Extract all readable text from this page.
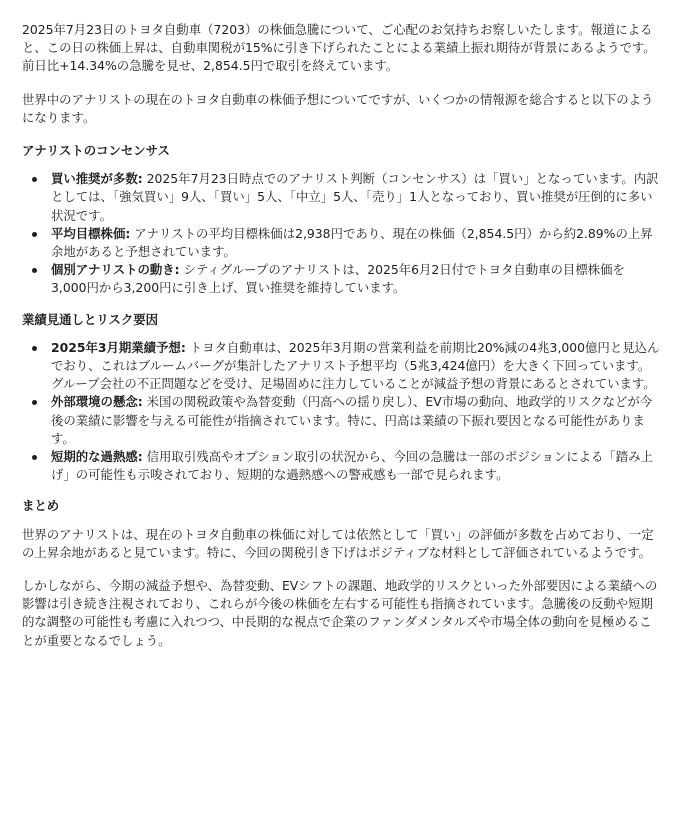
2025年7月23日のトヨタ自動車（7203）の株価急騰について、ご心配のお気持ちお察しいたします。報道によると、この日の株価上昇は、自動車関税が15%に引き下げられたことによる業績上振れ期待が背景にあるようです。前日比+14.34%の急騰を見せ、2,854.5円で取引を終えています。

世界中のアナリストの現在のトヨタ自動車の株価予想についてですが、いくつかの情報源を総合すると以下のようになります。

アナリストのコンセンサス
買い推奨が多数: 2025年7月23日時点でのアナリスト判断（コンセンサス）は「買い」となっています。内訳としては、「強気買い」9人、「買い」5人、「中立」5人、「売り」1人となっており、買い推奨が圧倒的に多い状況です。
平均目標株価: アナリストの平均目標株価は2,938円であり、現在の株価（2,854.5円）から約2.89%の上昇余地があると予想されています。
個別アナリストの動き: シティグループのアナリストは、2025年6月2日付でトヨタ自動車の目標株価を3,000円から3,200円に引き上げ、買い推奨を維持しています。
業績見通しとリスク要因
2025年3月期業績予想: トヨタ自動車は、2025年3月期の営業利益を前期比20%減の4兆3,000億円と見込んでおり、これはブルームバーグが集計したアナリスト予想平均（5兆3,424億円）を大きく下回っています。グループ会社の不正問題などを受け、足場固めに注力していることが減益予想の背景にあるとされています。
外部環境の懸念: 米国の関税政策や為替変動（円高への揺り戻し）、EV市場の動向、地政学的リスクなどが今後の業績に影響を与える可能性が指摘されています。特に、円高は業績の下振れ要因となる可能性があります。
短期的な過熱感: 信用取引残高やオプション取引の状況から、今回の急騰は一部のポジションによる「踏み上げ」の可能性も示唆されており、短期的な過熱感への警戒感も一部で見られます。
まとめ

世界のアナリストは、現在のトヨタ自動車の株価に対しては依然として「買い」の評価が多数を占めており、一定の上昇余地があると見ています。特に、今回の関税引き下げはポジティブな材料として評価されているようです。

しかしながら、今期の減益予想や、為替変動、EVシフトの課題、地政学的リスクといった外部要因による業績への影響は引き続き注視されており、これらが今後の株価を左右する可能性も指摘されています。急騰後の反動や短期的な調整の可能性も考慮に入れつつ、中長期的な視点で企業のファンダメンタルズや市場全体の動向を見極めることが重要となるでしょう。
